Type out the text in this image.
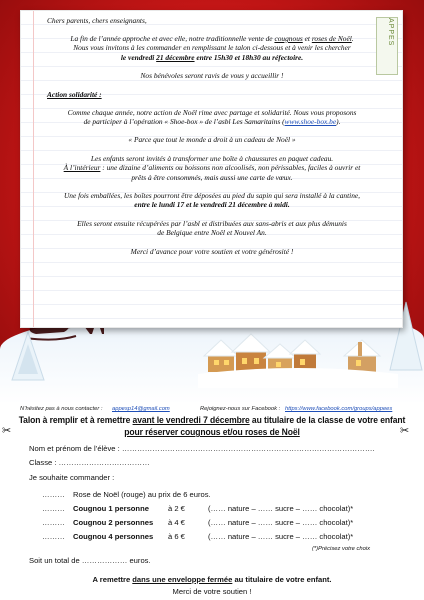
APPES
Chers parents, chers enseignants,
La fin de l’année approche et avec elle, notre traditionnelle vente de cougnous et roses de Noël.
Nous vous invitons à les commander en remplissant le talon ci-dessous et à venir les chercher
le vendredi 21 décembre entre 15h30 et 18h30 au réfectoire.
Nos bénévoles seront ravis de vous y accueillir !
Action solidarité :
Comme chaque année, notre action de Noël rime avec partage et solidarité. Nous vous proposons
de participer à l’opération « Shoe-box » de l’asbl Les Samaritains (www.shoe-box.be).
« Parce que tout le monde a droit à un cadeau de Noël »
Les enfants seront invités à transformer une boîte à chaussures en paquet cadeau.
À l’intérieur : une dizaine d’aliments ou boissons non alcoolisés, non périssables, faciles à ouvrir et
prêts à être consommés, mais aussi une carte de vœux.
Une fois emballées, les boîtes pourront être déposées au pied du sapin qui sera installé à la cantine,
entre le lundi 17 et le vendredi 21 décembre à midi.
Elles seront ensuite récupérées par l’asbl et distribuées aux sans-abris et aux plus démunis
de Belgique entre Noël et Nouvel An.
Merci d’avance pour votre soutien et votre générosité !
N’hésitez pas à nous contacter : appesp14@gmail.com	Rejoignez-nous sur Facebook : https://www.facebook.com/groups/appees
Talon à remplir et à remettre avant le vendredi 7 décembre au titulaire de la classe de votre enfant
pour réserver cougnous et/ou roses de Noël
✂	✂
Nom et prénom de l’élève : ……………………………………………………………………………………….
Classe : ………………………………
Je souhaite commander :
……… Rose de Noël (rouge) au prix de 6 euros.
……… Cougnou 1 personne	à 2 €	(…… nature – …… sucre – …… chocolat)*
……… Cougnou 2 personnes à 4 €	(…… nature – …… sucre – …… chocolat)*
……… Cougnou 4 personnes à 6 €	(…… nature – …… sucre – …… chocolat)*
(*)Précisez votre choix
Soit un total de ……………… euros.
A remettre dans une enveloppe fermée au titulaire de votre enfant.
Merci de votre soutien !
